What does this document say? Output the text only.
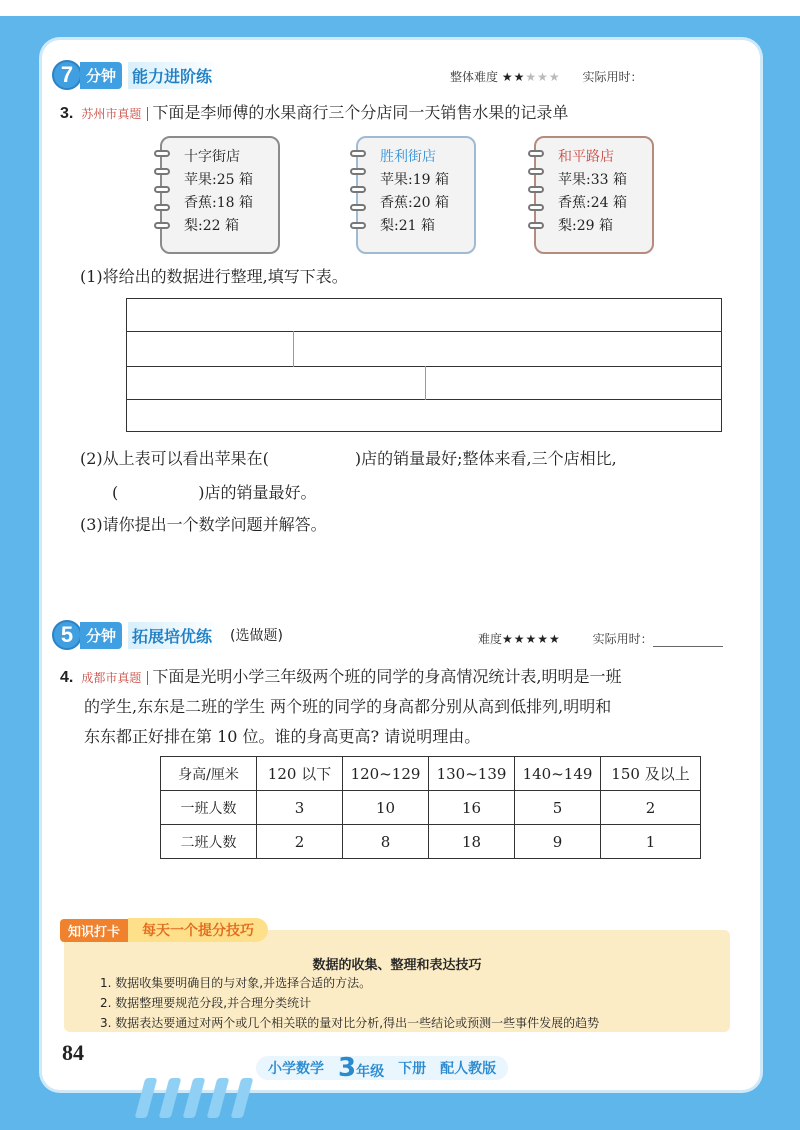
7 分钟	能力进阶练	整体难度 ★★★★★ 实际用时：
3. 苏州市真题 下面是李师傅的水果商行三个分店同一天销售水果的记录单
十字街店
苹果:25 箱
香蕉:18 箱
梨:22 箱
胜利街店
苹果:19 箱
香蕉:20 箱
梨:21 箱
和平路店
苹果:33 箱
香蕉:24 箱
梨:29 箱
(1)将给出的数据进行整理,填写下表。
(2)从上表可以看出苹果在(	)店的销量最好;整体来看,三个店相比,
(	)店的销量最好。
(3)请你提出一个数学问题并解答。
5 分钟	拓展培优练	(选做题)	难度★★★★★	实际用时：
4. 成都市真题 下面是光明小学三年级两个班的同学的身高情况统计表,明明是一班
的学生,东东是二班的学生 两个班的同学的身高都分别从高到低排列,明明和
东东都正好排在第 10 位。谁的身高更高? 请说明理由。
身高/厘米	120 以下	120~129	130~139	140~149	150 及以上
一班人数	3	10	16	5	2
二班人数	2	8	18	9	1
数据的收集、整理和表达技巧
1. 数据收集要明确目的与对象,并选择合适的方法。
2. 数据整理要规范分段,并合理分类统计
3. 数据表达要通过对两个或几个相关联的量对比分析,得出一些结论或预测一些事件发展的趋势
知识打卡	每天一个提分技巧
84
小学数学 3年级 下册 配人教版
